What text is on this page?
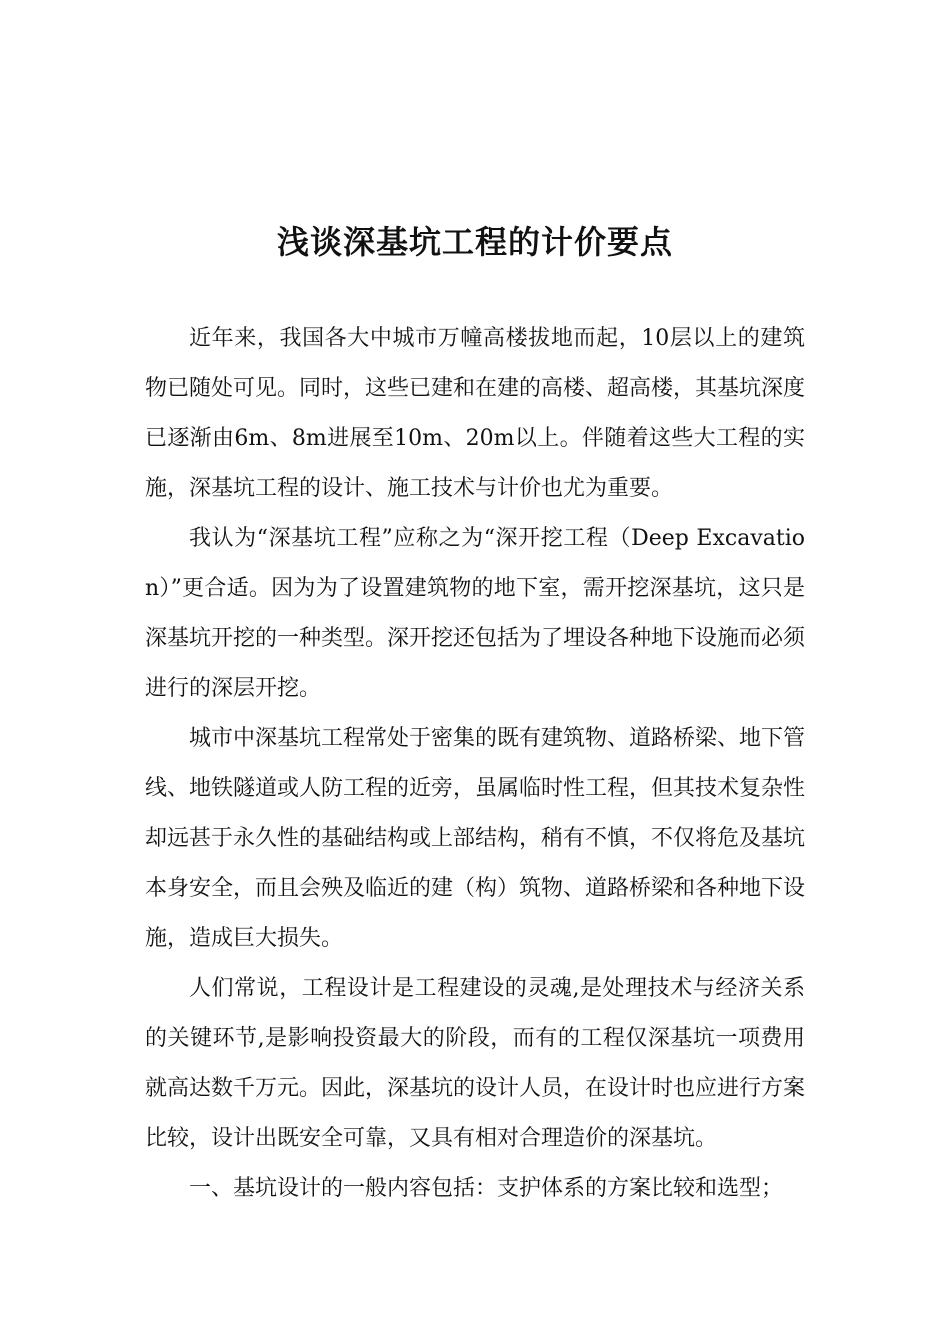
浅谈深基坑工程的计价要点

近年来，我国各大中城市万幢高楼拔地而起，10层以上的建筑物已随处可见。同时，这些已建和在建的高楼、超高楼，其基坑深度已逐渐由6m、8m进展至10m、20m以上。伴随着这些大工程的实施，深基坑工程的设计、施工技术与计价也尤为重要。

我认为“深基坑工程”应称之为“深开挖工程（Deep Excavation）”更合适。因为为了设置建筑物的地下室，需开挖深基坑，这只是深基坑开挖的一种类型。深开挖还包括为了埋设各种地下设施而必须进行的深层开挖。

城市中深基坑工程常处于密集的既有建筑物、道路桥梁、地下管线、地铁隧道或人防工程的近旁，虽属临时性工程，但其技术复杂性却远甚于永久性的基础结构或上部结构，稍有不慎，不仅将危及基坑本身安全，而且会殃及临近的建（构）筑物、道路桥梁和各种地下设施，造成巨大损失。

人们常说，工程设计是工程建设的灵魂,是处理技术与经济关系的关键环节,是影响投资最大的阶段，而有的工程仅深基坑一项费用就高达数千万元。因此，深基坑的设计人员，在设计时也应进行方案比较，设计出既安全可靠，又具有相对合理造价的深基坑。

一、基坑设计的一般内容包括：支护体系的方案比较和选型；
